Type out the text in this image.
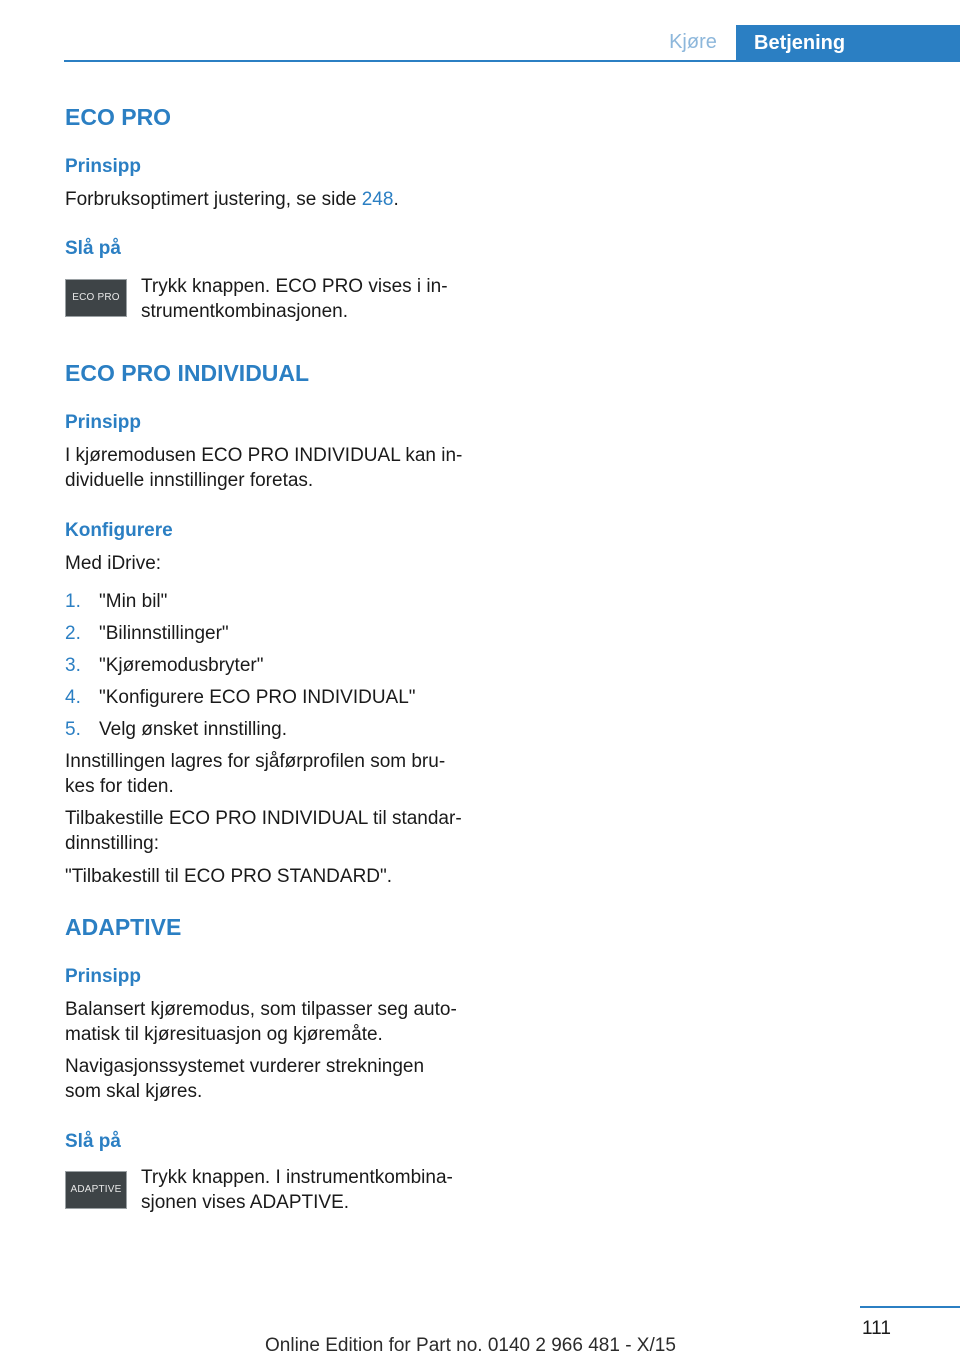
Kjøre	Betjening
ECO PRO
Prinsipp
Forbruksoptimert justering, se side 248.
Slå på
ECO PRO
Trykk knappen. ECO PRO vises i in-
strumentkombinasjonen.
ECO PRO INDIVIDUAL
Prinsipp
I kjøremodusen ECO PRO INDIVIDUAL kan in-
dividuelle innstillinger foretas.
Konfigurere
Med iDrive:
1. "Min bil"
2. "Bilinnstillinger"
3. "Kjøremodusbryter"
4. "Konfigurere ECO PRO INDIVIDUAL"
5. Velg ønsket innstilling.
Innstillingen lagres for sjåførprofilen som bru-
kes for tiden.
Tilbakestille ECO PRO INDIVIDUAL til standar-
dinnstilling:
"Tilbakestill til ECO PRO STANDARD".
ADAPTIVE
Prinsipp
Balansert kjøremodus, som tilpasser seg auto-
matisk til kjøresituasjon og kjøremåte.
Navigasjonssystemet vurderer strekningen
som skal kjøres.
Slå på
ADAPTIVE
Trykk knappen. I instrumentkombina-
sjonen vises ADAPTIVE.
111
Online Edition for Part no. 0140 2 966 481 - X/15
